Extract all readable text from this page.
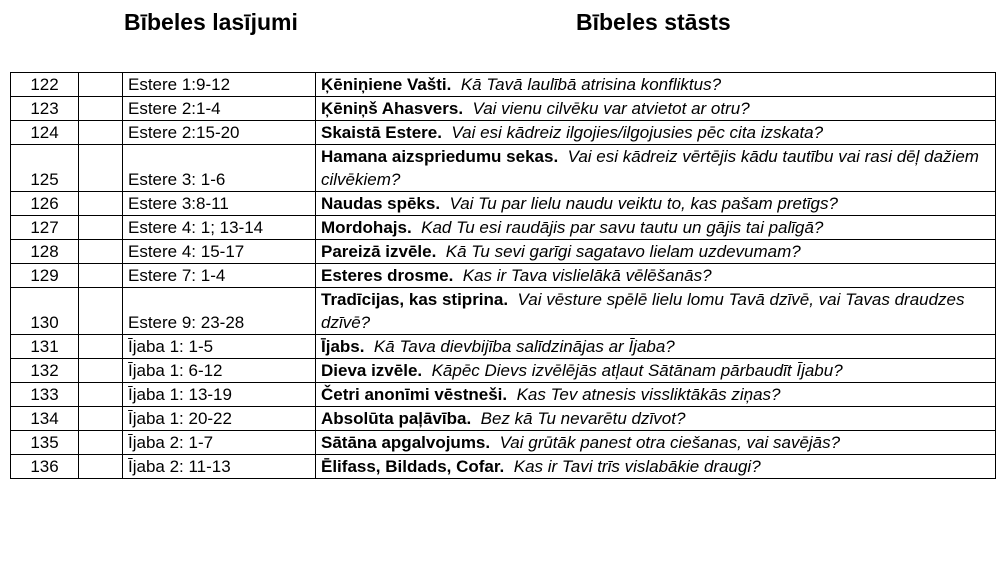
Bībeles lasījumi	Bībeles stāsts
122		Estere 1:9-12	Ķēniņiene Vašti. Kā Tavā laulībā atrisina konfliktus?
123		Estere 2:1-4	Ķēniņš Ahasvers. Vai vienu cilvēku var atvietot ar otru?
124		Estere 2:15-20	Skaistā Estere. Vai esi kādreiz ilgojies/ilgojusies pēc cita izskata?
125		Estere 3: 1-6	Hamana aizspriedumu sekas. Vai esi kādreiz vērtējis kādu tautību vai rasi dēļ dažiem cilvēkiem?
126		Estere 3:8-11	Naudas spēks. Vai Tu par lielu naudu veiktu to, kas pašam pretīgs?
127		Estere 4: 1; 13-14	Mordohajs. Kad Tu esi raudājis par savu tautu un gājis tai palīgā?
128		Estere 4: 15-17	Pareizā izvēle. Kā Tu sevi garīgi sagatavo lielam uzdevumam?
129		Estere 7: 1-4	Esteres drosme. Kas ir Tava vislielākā vēlēšanās?
130		Estere 9: 23-28	Tradīcijas, kas stiprina. Vai vēsture spēlē lielu lomu Tavā dzīvē, vai Tavas draudzes dzīvē?
131		Ījaba 1: 1-5	Ījabs. Kā Tava dievbijība salīdzinājas ar Ījaba?
132		Ījaba 1: 6-12	Dieva izvēle. Kāpēc Dievs izvēlējās atļaut Sātānam pārbaudīt Ījabu?
133		Ījaba 1: 13-19	Četri anonīmi vēstneši. Kas Tev atnesis vissliktākās ziņas?
134		Ījaba 1: 20-22	Absolūta paļāvība. Bez kā Tu nevarētu dzīvot?
135		Ījaba 2: 1-7	Sātāna apgalvojums. Vai grūtāk panest otra ciešanas, vai savējās?
136		Ījaba 2: 11-13	Ēlifass, Bildads, Cofar. Kas ir Tavi trīs vislabākie draugi?
